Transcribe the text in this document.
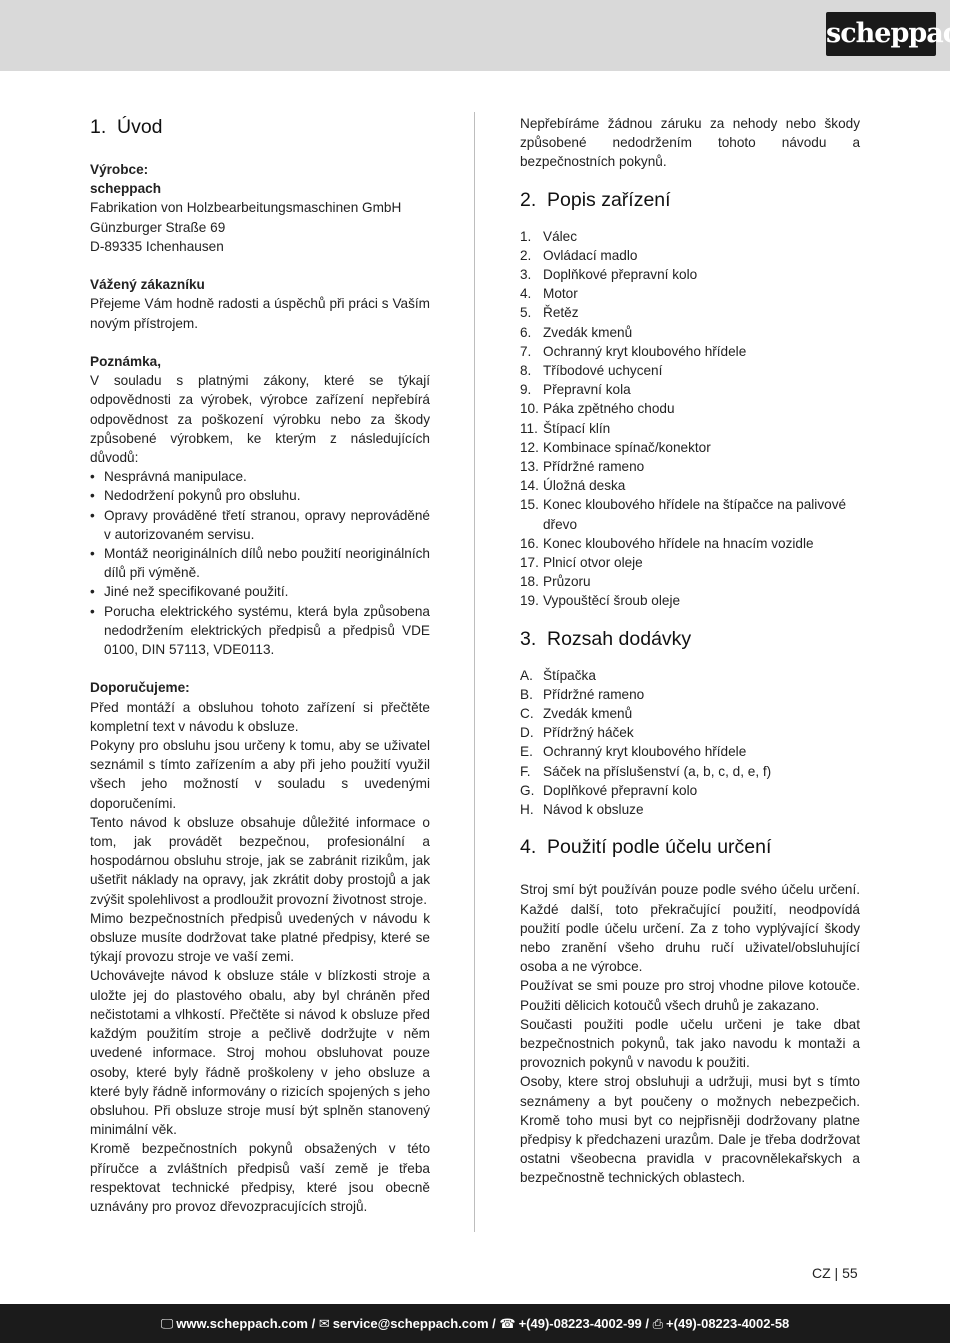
scheppach
1. Úvod
Výrobce:
scheppach
Fabrikation von Holzbearbeitungsmaschinen GmbH
Günzburger Straße 69
D-89335 Ichenhausen
Vážený zákazníku

Přejeme Vám hodně radosti a úspěchů při práci s Vaším novým přístrojem.

Poznámka,

V souladu s platnými zákony, které se týkají odpovědnosti za výrobek, výrobce zařízení nepřebírá odpovědnost za poškození výrobku nebo za škody způsobené výrobkem, ke kterým z následujících důvodů:

• Nesprávná manipulace.
• Nedodržení pokynů pro obsluhu.
• Opravy prováděné třetí stranou, opravy neprováděné v autorizovaném servisu.
• Montáž neoriginálních dílů nebo použití neoriginálních dílů při výměně.
• Jiné než specifikované použití.
• Porucha elektrického systému, která byla způsobena nedodržením elektrických předpisů a předpisů VDE 0100, DIN 57113, VDE0113.
Doporučujeme:

Před montáží a obsluhou tohoto zařízení si přečtěte kompletní text v návodu k obsluze.

Pokyny pro obsluhu jsou určeny k tomu, aby se uživatel seznámil s tímto zařízením a aby při jeho použití využil všech jeho možností v souladu s uvedenými doporučeními.

Tento návod k obsluze obsahuje důležité informace o tom, jak provádět bezpečnou, profesionální a hospodárnou obsluhu stroje, jak se zabránit rizikům, jak ušetřit náklady na opravy, jak zkrátit doby prostojů a jak zvýšit spolehlivost a prodloužit provozní životnost stroje.

Mimo bezpečnostních předpisů uvedených v návodu k obsluze musíte dodržovat take platné předpisy, které se týkají provozu stroje ve vaší zemi.

Uchovávejte návod k obsluze stále v blízkosti stroje a uložte jej do plastového obalu, aby byl chráněn před nečistotami a vlhkostí. Přečtěte si návod k obsluze před každým použitím stroje a pečlivě dodržujte v něm uvedené informace. Stroj mohou obsluhovat pouze osoby, které byly řádně proškoleny v jeho obsluze a které byly řádně informovány o rizicích spojených s jeho obsluhou. Při obsluze stroje musí být splněn stanovený minimální věk.

Kromě bezpečnostních pokynů obsažených v této příručce a zvláštních předpisů vaší země je třeba respektovat technické předpisy, které jsou obecně uznávány pro provoz dřevozpracujících strojů.

Nepřebíráme žádnou záruku za nehody nebo škody způsobené nedodržením tohoto návodu a bezpečnostních pokynů.

2. Popis zařízení
1. Válec
2. Ovládací madlo
3. Doplňkové přepravní kolo
4. Motor
5. Řetěz
6. Zvedák kmenů
7. Ochranný kryt kloubového hřídele
8. Tříbodové uchycení
9. Přepravní kola
10. Páka zpětného chodu
11. Štípací klín
12. Kombinace spínač/konektor
13. Přídržné rameno
14. Úložná deska
15. Konec kloubového hřídele na štípačce na palivové dřevo
16. Konec kloubového hřídele na hnacím vozidle
17. Plnicí otvor oleje
18. Průzoru
19. Vypouštěcí šroub oleje
3. Rozsah dodávky
A. Štípačka
B. Přídržné rameno
C. Zvedák kmenů
D. Přídržný háček
E. Ochranný kryt kloubového hřídele
F. Sáček na příslušenství (a, b, c, d, e, f)
G. Doplňkové přepravní kolo
H. Návod k obsluze
4. Použití podle účelu určení

Stroj smí být používán pouze podle svého účelu určení. Každé další, toto překračující použití, neodpovídá použití podle účelu určení. Za z toho vyplývající škody nebo zranění všeho druhu ručí uživatel/obsluhující osoba a ne výrobce.

Používat se smi pouze pro stroj vhodne pilove kotouče. Použiti dělicich kotoučů všech druhů je zakazano.

Současti použiti podle učelu určeni je take dbat bezpečnostnich pokynů, tak jako navodu k montaži a provoznich pokynů v navodu k použiti.

Osoby, ktere stroj obsluhuji a udržuji, musi byt s tímto seznámeny a byt poučeny o možnych nebezpečich. Kromě toho musi byt co nejpřisněji dodržovany platne předpisy k předchazeni urazům. Dale je třeba dodržovat ostatni všeobecna pravidla v pracovnělekařskych a bezpečnostně technických oblastech.

CZ | 55
🖵 www.scheppach.com / ✉ service@scheppach.com / ☎ +(49)-08223-4002-99 / ⎙ +(49)-08223-4002-58
